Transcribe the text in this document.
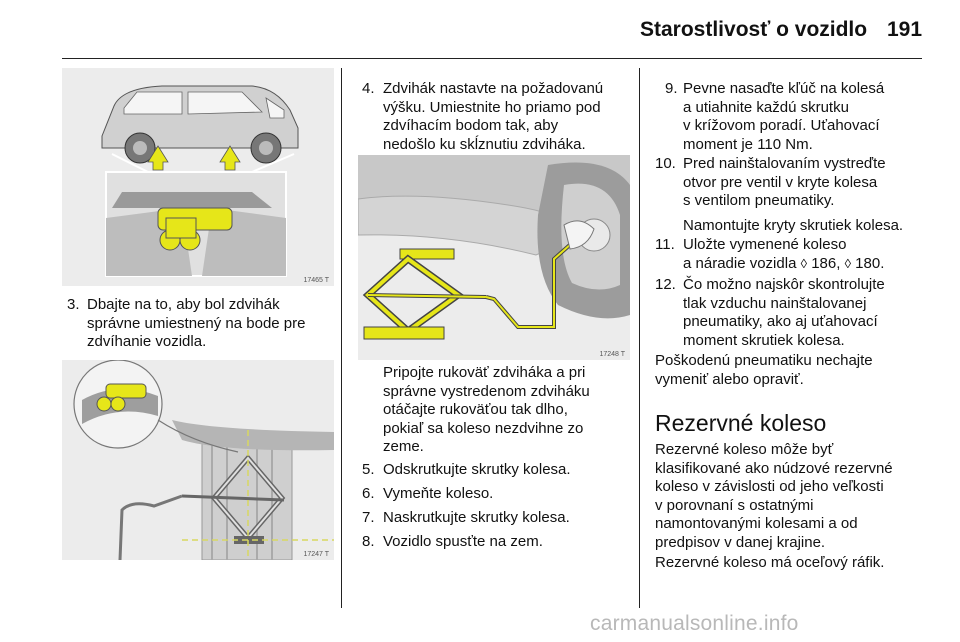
Starostlivosť o vozidlo 191
17465 T
3. Dbajte na to, aby bol zdvihák
správne umiestnený na bode pre
zdvíhanie vozidla.
17247 T
4. Zdvihák nastavte na požadovanú
výšku. Umiestnite ho priamo pod
zdvíhacím bodom tak, aby
nedošlo ku skĺznutiu zdviháka.
17248 T
Pripojte rukoväť zdviháka a pri
správne vystredenom zdviháku
otáčajte rukoväťou tak dlho,
pokiaľ sa koleso nezdvihne zo
zeme.
5. Odskrutkujte skrutky kolesa.
6. Vymeňte koleso.
7. Naskrutkujte skrutky kolesa.
8. Vozidlo spusťte na zem.
9. Pevne nasaďte kľúč na kolesá
a utiahnite každú skrutku
v krížovom poradí. Uťahovací
moment je 110 Nm.
10. Pred nainštalovaním vystreďte
otvor pre ventil v kryte kolesa
s ventilom pneumatiky.
Namontujte kryty skrutiek kolesa.
11. Uložte vymenené koleso
a náradie vozidla ◊ 186, ◊ 180.
12. Čo možno najskôr skontrolujte
tlak vzduchu nainštalovanej
pneumatiky, ako aj uťahovací
moment skrutiek kolesa.
Poškodenú pneumatiku nechajte
vymeniť alebo opraviť.
Rezervné koleso
Rezervné koleso môže byť
klasifikované ako núdzové rezervné
koleso v závislosti od jeho veľkosti
v porovnaní s ostatnými
namontovanými kolesami a od
predpisov v danej krajine.
Rezervné koleso má oceľový ráfik.
carmanualsonline.info
